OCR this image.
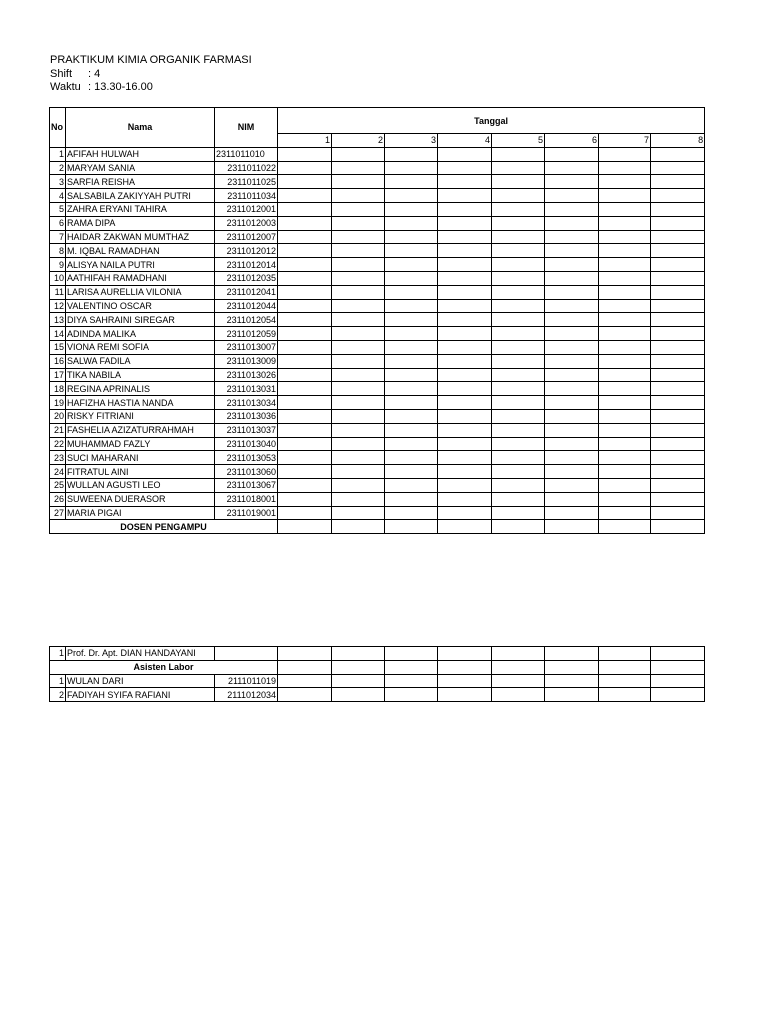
PRAKTIKUM KIMIA ORGANIK FARMASI
Shift : 4
Waktu : 13.30-16.00
No	Nama	NIM	Tanggal							
			1	2	3	4	5	6	7	8
1	AFIFAH HULWAH	2311011010								
2	MARYAM SANIA	2311011022								
3	SARFIA REISHA	2311011025								
4	SALSABILA ZAKIYYAH PUTRI	2311011034								
5	ZAHRA ERYANI TAHIRA	2311012001								
6	RAMA DIPA	2311012003								
7	HAIDAR ZAKWAN MUMTHAZ	2311012007								
8	M. IQBAL RAMADHAN	2311012012								
9	ALISYA NAILA PUTRI	2311012014								
10	AATHIFAH RAMADHANI	2311012035								
11	LARISA AURELLIA VILONIA	2311012041								
12	VALENTINO OSCAR	2311012044								
13	DIYA SAHRAINI SIREGAR	2311012054								
14	ADINDA MALIKA	2311012059								
15	VIONA REMI SOFIA	2311013007								
16	SALWA FADILA	2311013009								
17	TIKA NABILA	2311013026								
18	REGINA APRINALIS	2311013031								
19	HAFIZHA HASTIA NANDA	2311013034								
20	RISKY FITRIANI	2311013036								
21	FASHELIA AZIZATURRAHMAH	2311013037								
22	MUHAMMAD FAZLY	2311013040								
23	SUCI MAHARANI	2311013053								
24	FITRATUL AINI	2311013060								
25	WULLAN AGUSTI LEO	2311013067								
26	SUWEENA DUERASOR	2311018001								
27	MARIA PIGAI	2311019001								
DOSEN PENGAMPU										
1	Prof. Dr. Apt. DIAN HANDAYANI									
Asisten Labor										
1	WULAN DARI	2111011019								
2	FADIYAH SYIFA RAFIANI	2111012034								
